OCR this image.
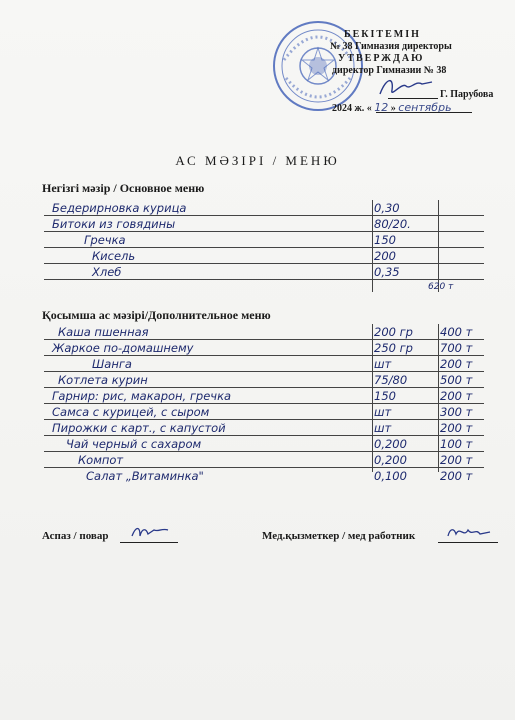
БЕКІТЕМІН
№ 38 Гимназия директоры
УТВЕРЖДАЮ
директор Гимназии № 38
Г. Парубова
2024 ж. « 12 » сентябрь
АС МӘЗІРІ / МЕНЮ
Негізгі мәзір / Основное меню
Бедерирновка курица	0,30
Битоки из говядины	80/20.
Гречка	150
Кисель	200
Хлеб	0,35
620 т
Қосымша ас мәзірі/Дополнительное меню
Каша пшенная	200 гр 400 т
Жаркое по-домашнему	250 гр 700 т
Шанга	шт	200 т
Котлета курин	75/80	500 т
Гарнир: рис, макарон, гречка	150	200 т
Самса с курицей, с сыром	шт	300 т
Пирожки с карт., с капустой	шт	200 т
Чай черный с сахаром	0,200	100 т
Компот	0,200	200 т
Салат „Витаминка"	0,100	200 т
Аспаз / повар	Мед.қызметкер / мед работник
